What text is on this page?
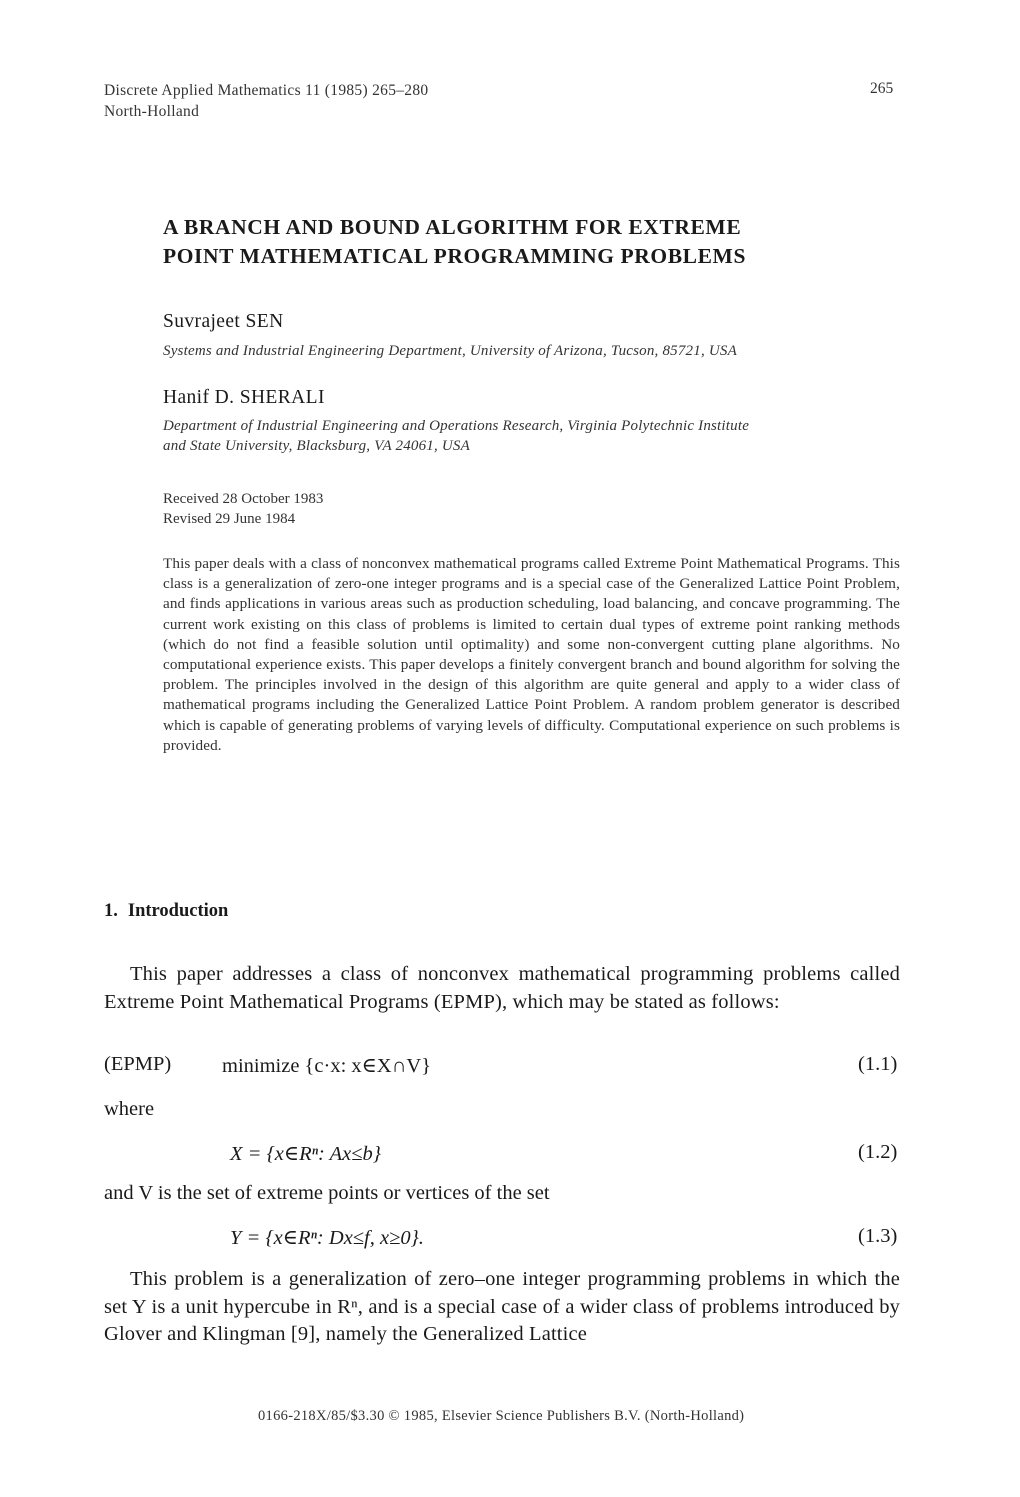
Discrete Applied Mathematics 11 (1985) 265–280
North-Holland
265
A BRANCH AND BOUND ALGORITHM FOR EXTREME
POINT MATHEMATICAL PROGRAMMING PROBLEMS
Suvrajeet SEN
Systems and Industrial Engineering Department, University of Arizona, Tucson, 85721, USA
Hanif D. SHERALI
Department of Industrial Engineering and Operations Research, Virginia Polytechnic Institute
and State University, Blacksburg, VA 24061, USA
Received 28 October 1983
Revised 29 June 1984
This paper deals with a class of nonconvex mathematical programs called Extreme Point Mathematical Programs. This class is a generalization of zero-one integer programs and is a special case of the Generalized Lattice Point Problem, and finds applications in various areas such as production scheduling, load balancing, and concave programming. The current work existing on this class of problems is limited to certain dual types of extreme point ranking methods (which do not find a feasible solution until optimality) and some non-convergent cutting plane algorithms. No computational experience exists. This paper develops a finitely convergent branch and bound algorithm for solving the problem. The principles involved in the design of this algorithm are quite general and apply to a wider class of mathematical programs including the Generalized Lattice Point Problem. A random problem generator is described which is capable of generating problems of varying levels of difficulty. Computational experience on such problems is provided.
1. Introduction
This paper addresses a class of nonconvex mathematical programming problems called Extreme Point Mathematical Programs (EPMP), which may be stated as follows:
(EPMP) minimize {c·x: x∈X∩V}	(1.1)
where
X = {x∈Rⁿ: Ax≤b}	(1.2)
and V is the set of extreme points or vertices of the set
Y = {x∈Rⁿ: Dx≤f, x≥0}.	(1.3)
This problem is a generalization of zero–one integer programming problems in which the set Y is a unit hypercube in Rⁿ, and is a special case of a wider class of problems introduced by Glover and Klingman [9], namely the Generalized Lattice
0166-218X/85/$3.30 © 1985, Elsevier Science Publishers B.V. (North-Holland)
